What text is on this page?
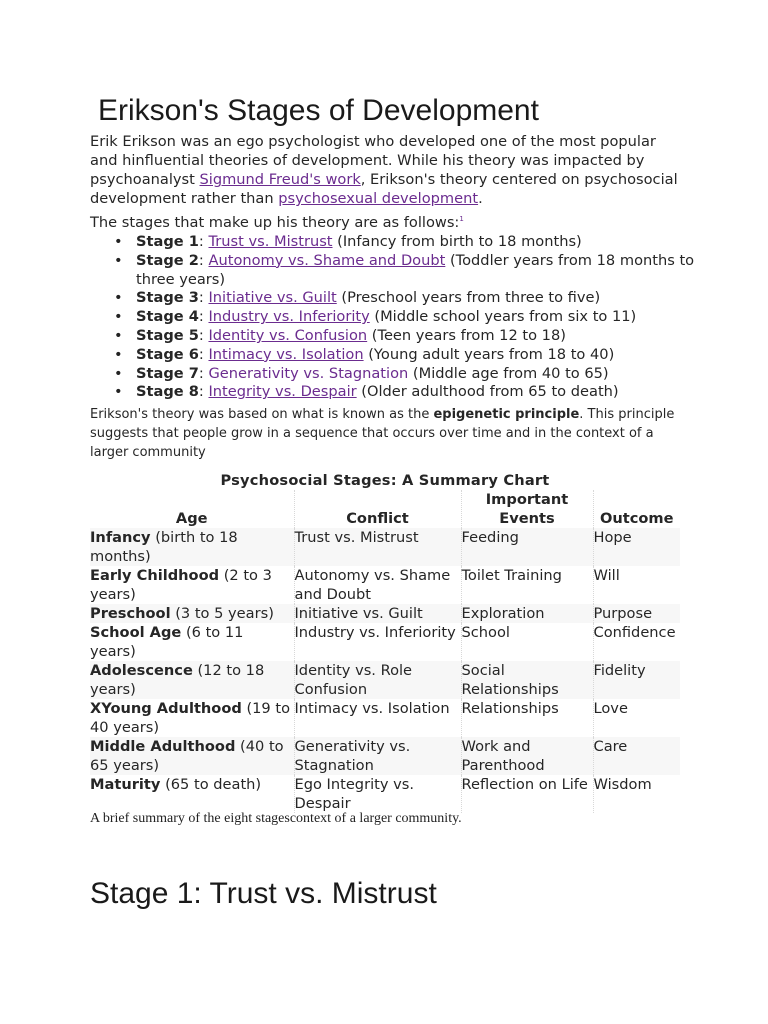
Erikson's Stages of Development

Erik Erikson was an ego psychologist who developed one of the most popular and hinfluential theories of development. While his theory was impacted by psychoanalyst Sigmund Freud's work, Erikson's theory centered on psychosocial development rather than psychosexual development.

The stages that make up his theory are as follows:$^1$

• Stage 1: Trust vs. Mistrust (Infancy from birth to 18 months)
• Stage 2: Autonomy vs. Shame and Doubt (Toddler years from 18 months to three years)
• Stage 3: Initiative vs. Guilt (Preschool years from three to five)
• Stage 4: Industry vs. Inferiority (Middle school years from six to 11)
• Stage 5: Identity vs. Confusion (Teen years from 12 to 18)
• Stage 6: Intimacy vs. Isolation (Young adult years from 18 to 40)
• Stage 7: Generativity vs. Stagnation (Middle age from 40 to 65)
• Stage 8: Integrity vs. Despair (Older adulthood from 65 to death)

Erikson's theory was based on what is known as the epigenetic principle. This principle suggests that people grow in a sequence that occurs over time and in the context of a larger community

Psychosocial Stages: A Summary Chart

Age	Conflict	Important Events	Outcome
Infancy (birth to 18 months)	Trust vs. Mistrust	Feeding	Hope
Early Childhood (2 to 3 years)	Autonomy vs. Shame and Doubt	Toilet Training	Will
Preschool (3 to 5 years)	Initiative vs. Guilt	Exploration	Purpose
School Age (6 to 11 years)	Industry vs. Inferiority	School	Confidence
Adolescence (12 to 18 years)	Identity vs. Role Confusion	Social Relationships	Fidelity
XYoung Adulthood (19 to 40 years)	Intimacy vs. Isolation	Relationships	Love
Middle Adulthood (40 to 65 years)	Generativity vs. Stagnation	Work and Parenthood	Care
Maturity (65 to death)	Ego Integrity vs. Despair	Reflection on Life	Wisdom

A brief summary of the eight stagescontext of a larger community.

Stage 1: Trust vs. Mistrust
